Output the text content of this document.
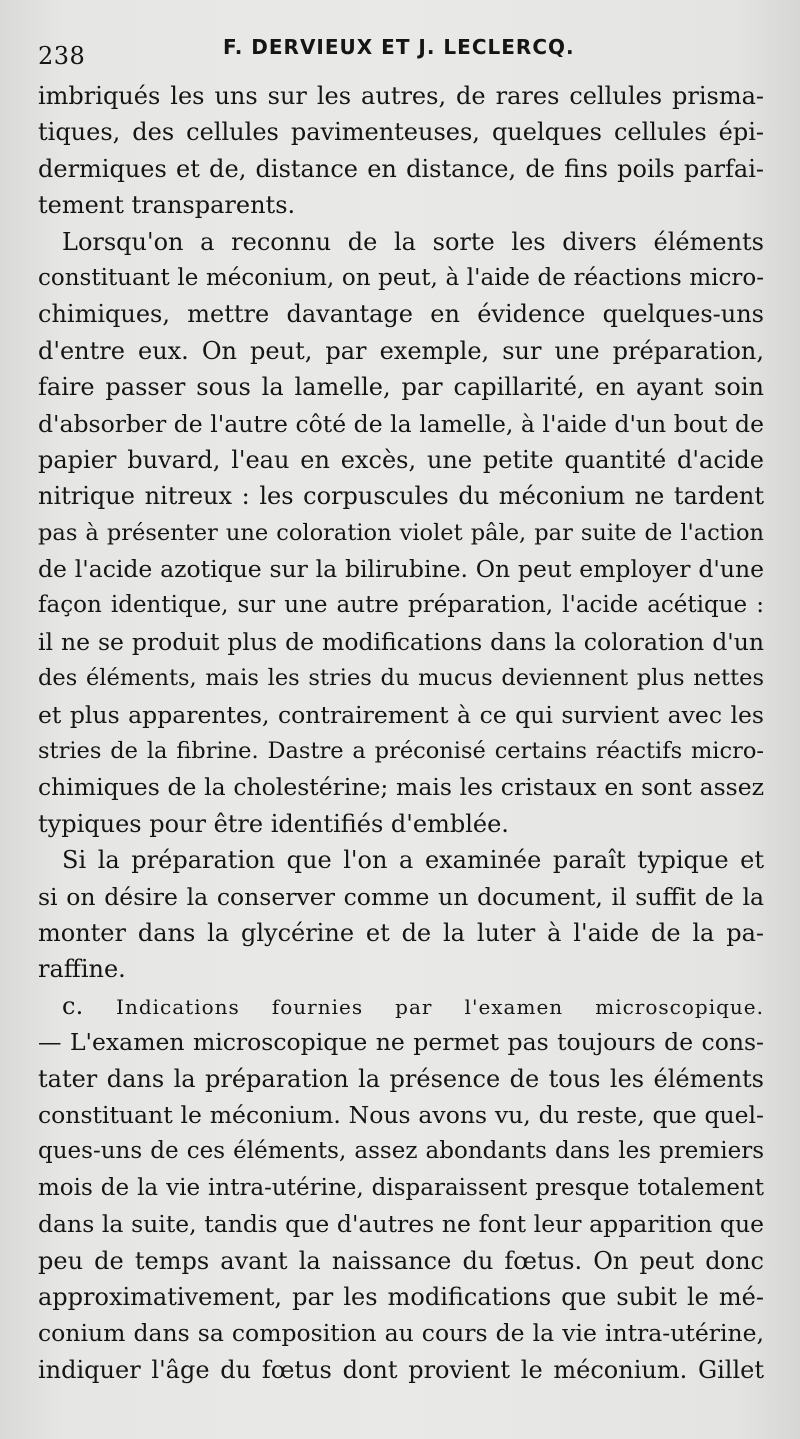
238	F. DERVIEUX ET J. LECLERCQ.
imbriqués les uns sur les autres, de rares cellules prisma-
tiques, des cellules pavimenteuses, quelques cellules épi-
dermiques et de, distance en distance, de fins poils parfai-
tement transparents.
Lorsqu'on a reconnu de la sorte les divers éléments
constituant le méconium, on peut, à l'aide de réactions micro-
chimiques, mettre davantage en évidence quelques-uns
d'entre eux. On peut, par exemple, sur une préparation,
faire passer sous la lamelle, par capillarité, en ayant soin
d'absorber de l'autre côté de la lamelle, à l'aide d'un bout de
papier buvard, l'eau en excès, une petite quantité d'acide
nitrique nitreux : les corpuscules du méconium ne tardent
pas à présenter une coloration violet pâle, par suite de l'action
de l'acide azotique sur la bilirubine. On peut employer d'une
façon identique, sur une autre préparation, l'acide acétique :
il ne se produit plus de modifications dans la coloration d'un
des éléments, mais les stries du mucus deviennent plus nettes
et plus apparentes, contrairement à ce qui survient avec les
stries de la fibrine. Dastre a préconisé certains réactifs micro-
chimiques de la cholestérine; mais les cristaux en sont assez
typiques pour être identifiés d'emblée.
Si la préparation que l'on a examinée paraît typique et
si on désire la conserver comme un document, il suffit de la
monter dans la glycérine et de la luter à l'aide de la pa-
raffine.
c. Indications fournies par l'examen microscopique.
— L'examen microscopique ne permet pas toujours de cons-
tater dans la préparation la présence de tous les éléments
constituant le méconium. Nous avons vu, du reste, que quel-
ques-uns de ces éléments, assez abondants dans les premiers
mois de la vie intra-utérine, disparaissent presque totalement
dans la suite, tandis que d'autres ne font leur apparition que
peu de temps avant la naissance du fœtus. On peut donc
approximativement, par les modifications que subit le mé-
conium dans sa composition au cours de la vie intra-utérine,
indiquer l'âge du fœtus dont provient le méconium. Gillet
